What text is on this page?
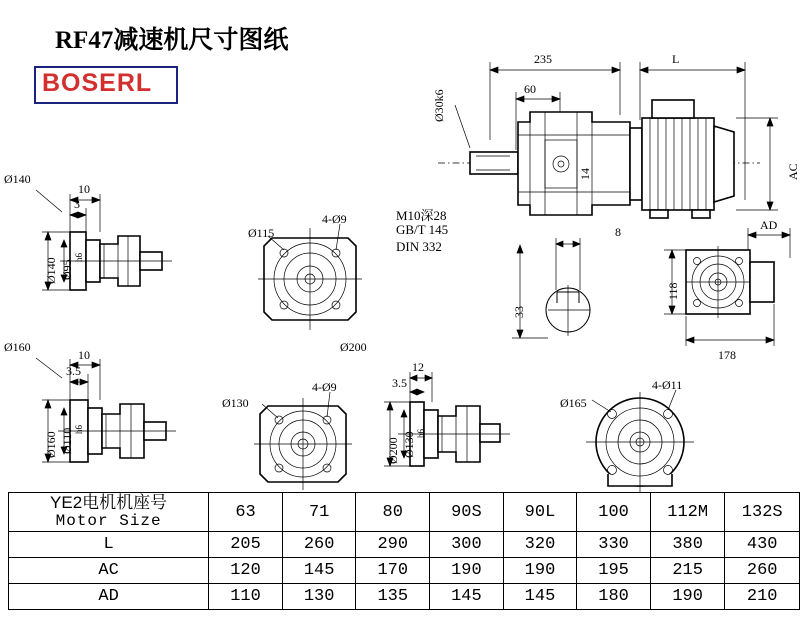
RF47减速机尺寸图纸
BOSERL
235	L
60
Ø30k6
14	AC
AD
8
33
118
178
M10深28
GB/T 145
DIN 332
Ø140
10
3
Ø140 Ø95
h6
Ø115
4-Ø9
Ø160
10
3.5
Ø160 Ø110 h6
Ø130
4-Ø9
Ø200
12
3.5
Ø200 Ø130 h6
Ø165
4-Ø11
YE2电机机座号
Motor Size	63	71	80	90S	90L	100	112M	132S

L	205	260	290	300	320	330	380	430
AC	120	145	170	190	190	195	215	260
AD	110	130	135	145	145	180	190	210
